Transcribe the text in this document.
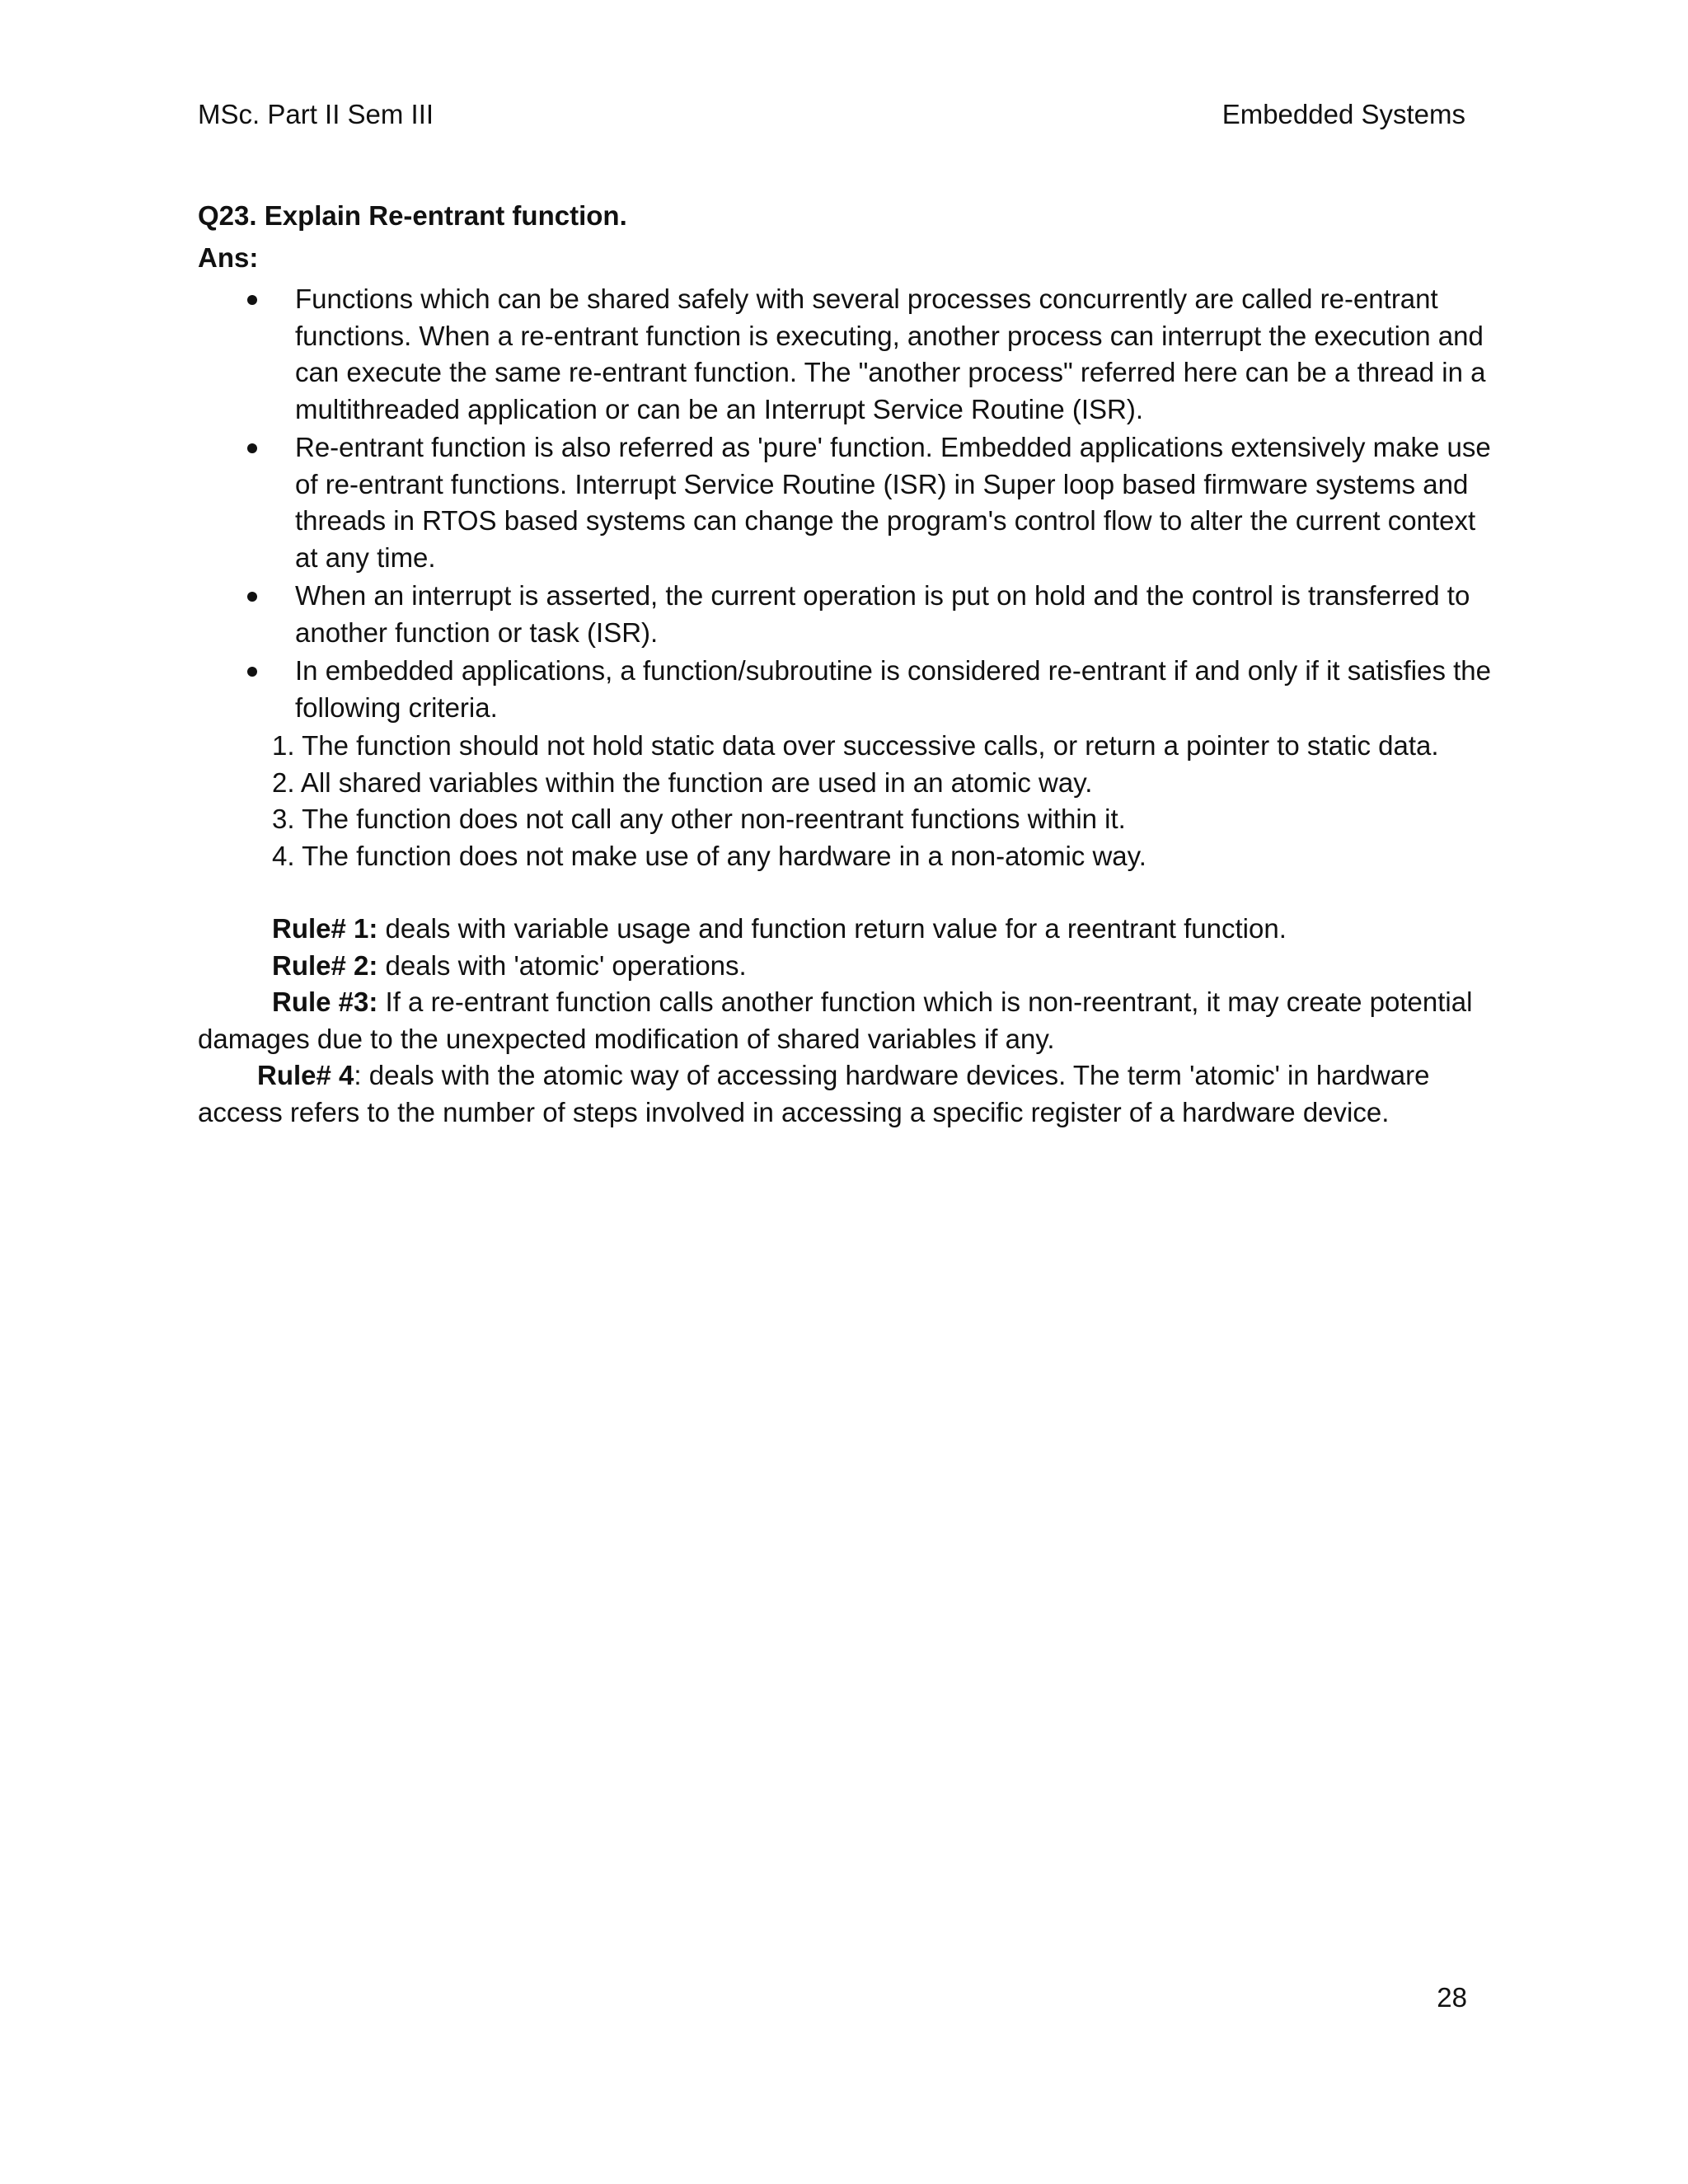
MSc. Part II Sem III	Embedded Systems

Q23. Explain Re-entrant function.

Ans:

Functions which can be shared safely with several processes concurrently are called re-entrant functions. When a re-entrant function is executing, another process can interrupt the execution and can execute the same re-entrant function. The "another process" referred here can be a thread in a multithreaded application or can be an Interrupt Service Routine (ISR).
Re-entrant function is also referred as 'pure' function. Embedded applications extensively make use of re-entrant functions. Interrupt Service Routine (ISR) in Super loop based firmware systems and threads in RTOS based systems can change the program's control flow to alter the current context at any time.
When an interrupt is asserted, the current operation is put on hold and the control is transferred to another function or task (ISR).
In embedded applications, a function/subroutine is considered re-entrant if and only if it satisfies the following criteria.
1. The function should not hold static data over successive calls, or return a pointer to static data.
2. All shared variables within the function are used in an atomic way.
3. The function does not call any other non-reentrant functions within it.
4. The function does not make use of any hardware in a non-atomic way.

Rule# 1: deals with variable usage and function return value for a reentrant function.

Rule# 2: deals with 'atomic' operations.

Rule #3: If a re-entrant function calls another function which is non-reentrant, it may create potential damages due to the unexpected modification of shared variables if any.

Rule# 4: deals with the atomic way of accessing hardware devices. The term 'atomic' in hardware access refers to the number of steps involved in accessing a specific register of a hardware device.

28
